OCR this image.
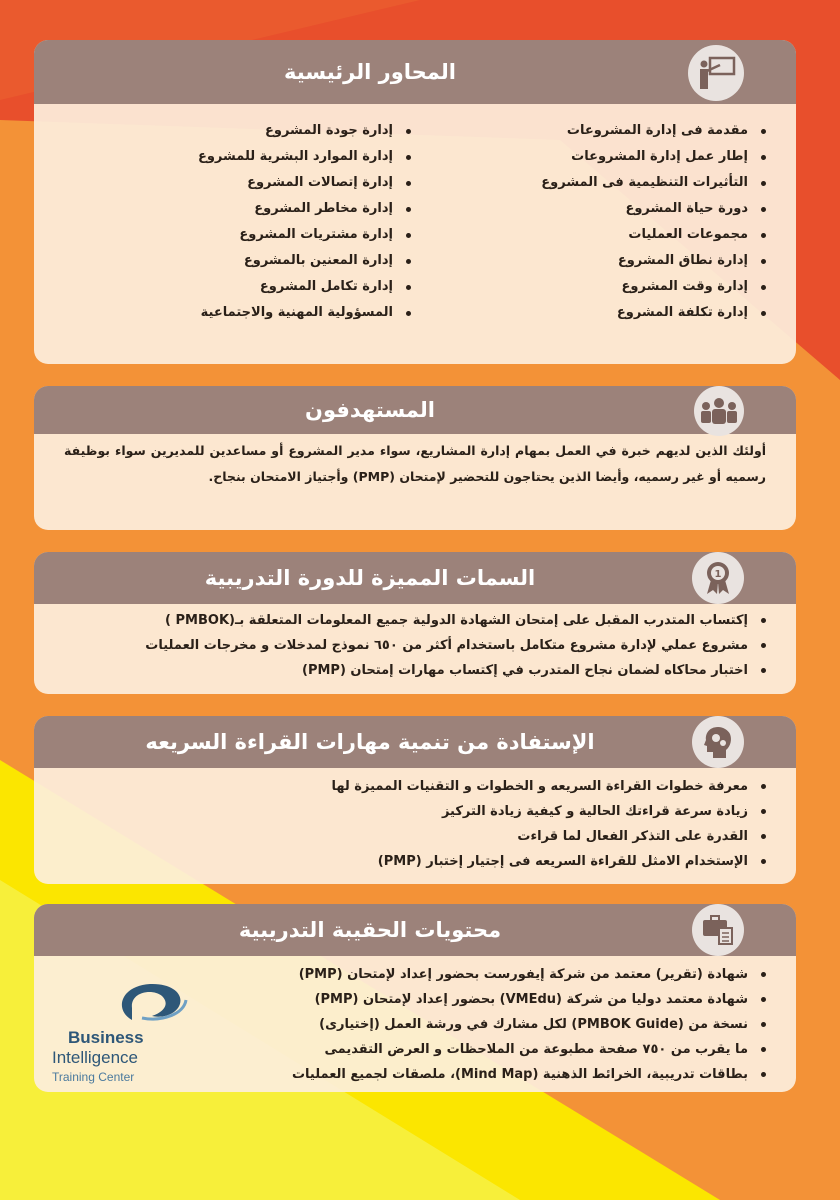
المحاور الرئيسية
مقدمة فى إدارة المشروعات
إطار عمل إدارة المشروعات
التأثيرات التنظيمية فى المشروع
دورة حياة المشروع
مجموعات العمليات
إدارة نطاق المشروع
إدارة وقت المشروع
إدارة تكلفة المشروع
إدارة جودة المشروع
إدارة الموارد البشرية للمشروع
إدارة إتصالات المشروع
إدارة مخاطر المشروع
إدارة مشتريات المشروع
إدارة المعنين بالمشروع
إدارة تكامل المشروع
المسؤولية المهنية والاجتماعية
المستهدفون

أولئك الذين لديهم خبرة في العمل بمهام إدارة المشاريع، سواء مدير المشروع أو مساعدين للمديرين سواء بوظيفة رسميه أو غير رسميه، وأيضا الذين يحتاجون للتحضير لإمتحان (PMP) وأجتياز الامتحان بنجاح.

السمات المميزة للدورة التدريبية	1
إكتساب المتدرب المقبل على إمتحان الشهادة الدولية جميع المعلومات المتعلقة بـ(PMBOK )
مشروع عملي لإدارة مشروع متكامل باستخدام أكثر من ٦٥٠ نموذج لمدخلات و مخرجات العمليات
اختبار محاكاه لضمان نجاح المتدرب في إكتساب مهارات إمتحان (PMP)
الإستفادة من تنمية مهارات القراءة السريعه
معرفة خطوات القراءة السريعه و الخطوات و التقنيات المميزة لها
زيادة سرعة قراءتك الحالية و كيفية زيادة التركيز
القدرة على التذكر الفعال لما قراءت
الإستخدام الامثل للقراءة السريعه فى إجتيار إختبار (PMP)
محتويات الحقيبة التدريبية
شهادة (تقرير) معتمد من شركة إيفورست بحضور إعداد لإمتحان (PMP)
شهادة معتمد دوليا من شركة (VMEdu) بحضور إعداد لإمتحان (PMP)
نسخة من (PMBOK Guide) لكل مشارك في ورشة العمل (إختيارى)
ما يقرب من ٧٥٠ صفحة مطبوعة من الملاحظات و العرض التقديمى
بطاقات تدريبية، الخرائط الذهنية (Mind Map)، ملصقات لجميع العمليات
Business
Intelligence
Training Center
